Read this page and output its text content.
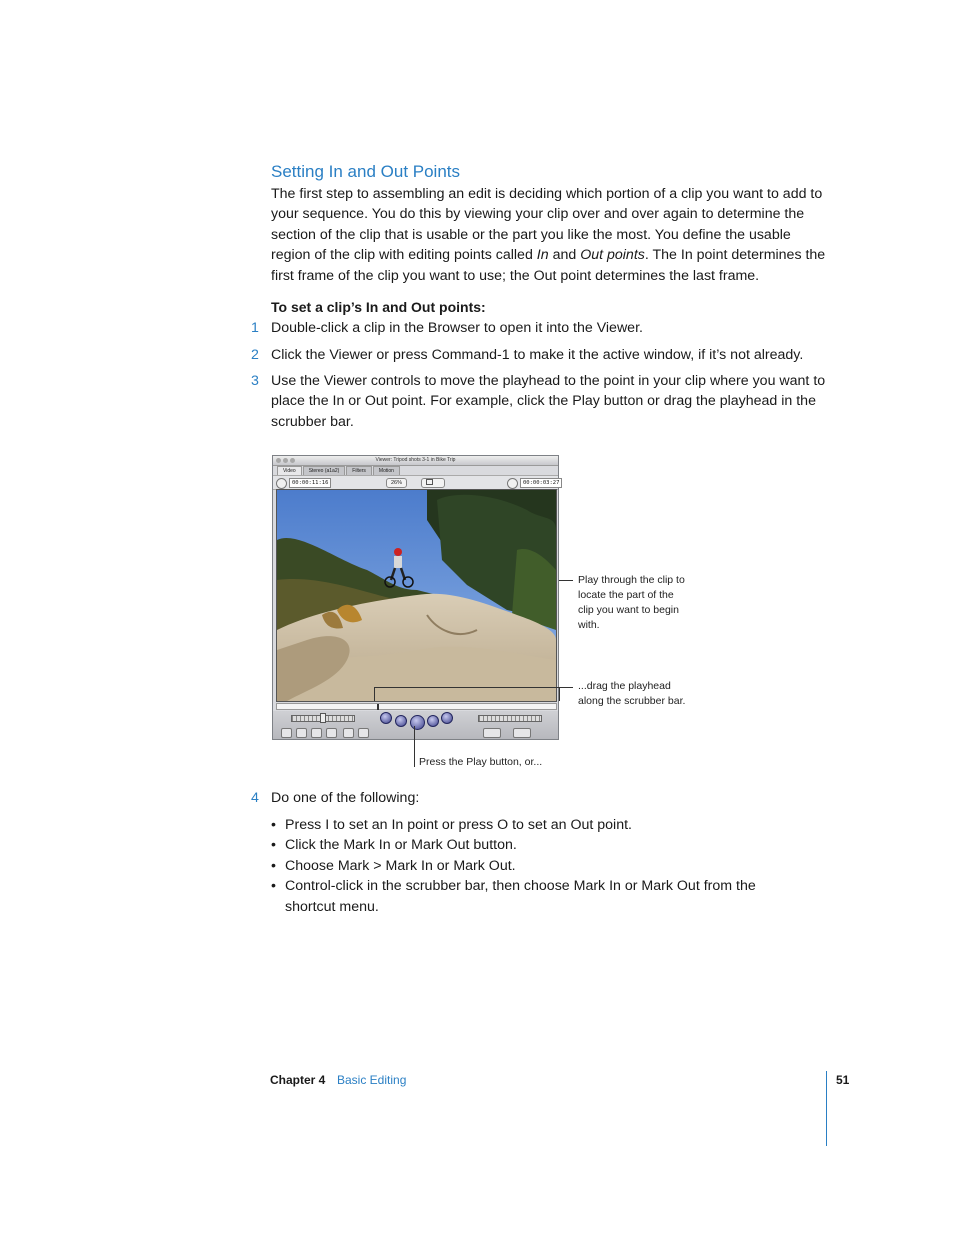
Setting In and Out Points

The first step to assembling an edit is deciding which portion of a clip you want to add to your sequence. You do this by viewing your clip over and over again to determine the section of the clip that is usable or the part you like the most. You define the usable region of the clip with editing points called In and Out points. The In point determines the first frame of the clip you want to use; the Out point determines the last frame.

To set a clip’s In and Out points:

1 Double-click a clip in the Browser to open it into the Viewer.
2 Click the Viewer or press Command-1 to make it the active window, if it’s not already.
3 Use the Viewer controls to move the playhead to the point in your clip where you want to place the In or Out point. For example, click the Play button or drag the playhead in the scrubber bar.
Viewer: Tripod shots 3-1 in Bike Trip
Video	Stereo (a1a2)	Filters	Motion
00:00:11:16	26%	00:00:03:27

Play through the clip to locate the part of the clip you want to begin with.

...drag the playhead along the scrubber bar.

Press the Play button, or...

4 Do one of the following:
• Press I to set an In point or press O to set an Out point.
• Click the Mark In or Mark Out button.
• Choose Mark > Mark In or Mark Out.
• Control-click in the scrubber bar, then choose Mark In or Mark Out from the shortcut menu.
Chapter 4 Basic Editing	51
